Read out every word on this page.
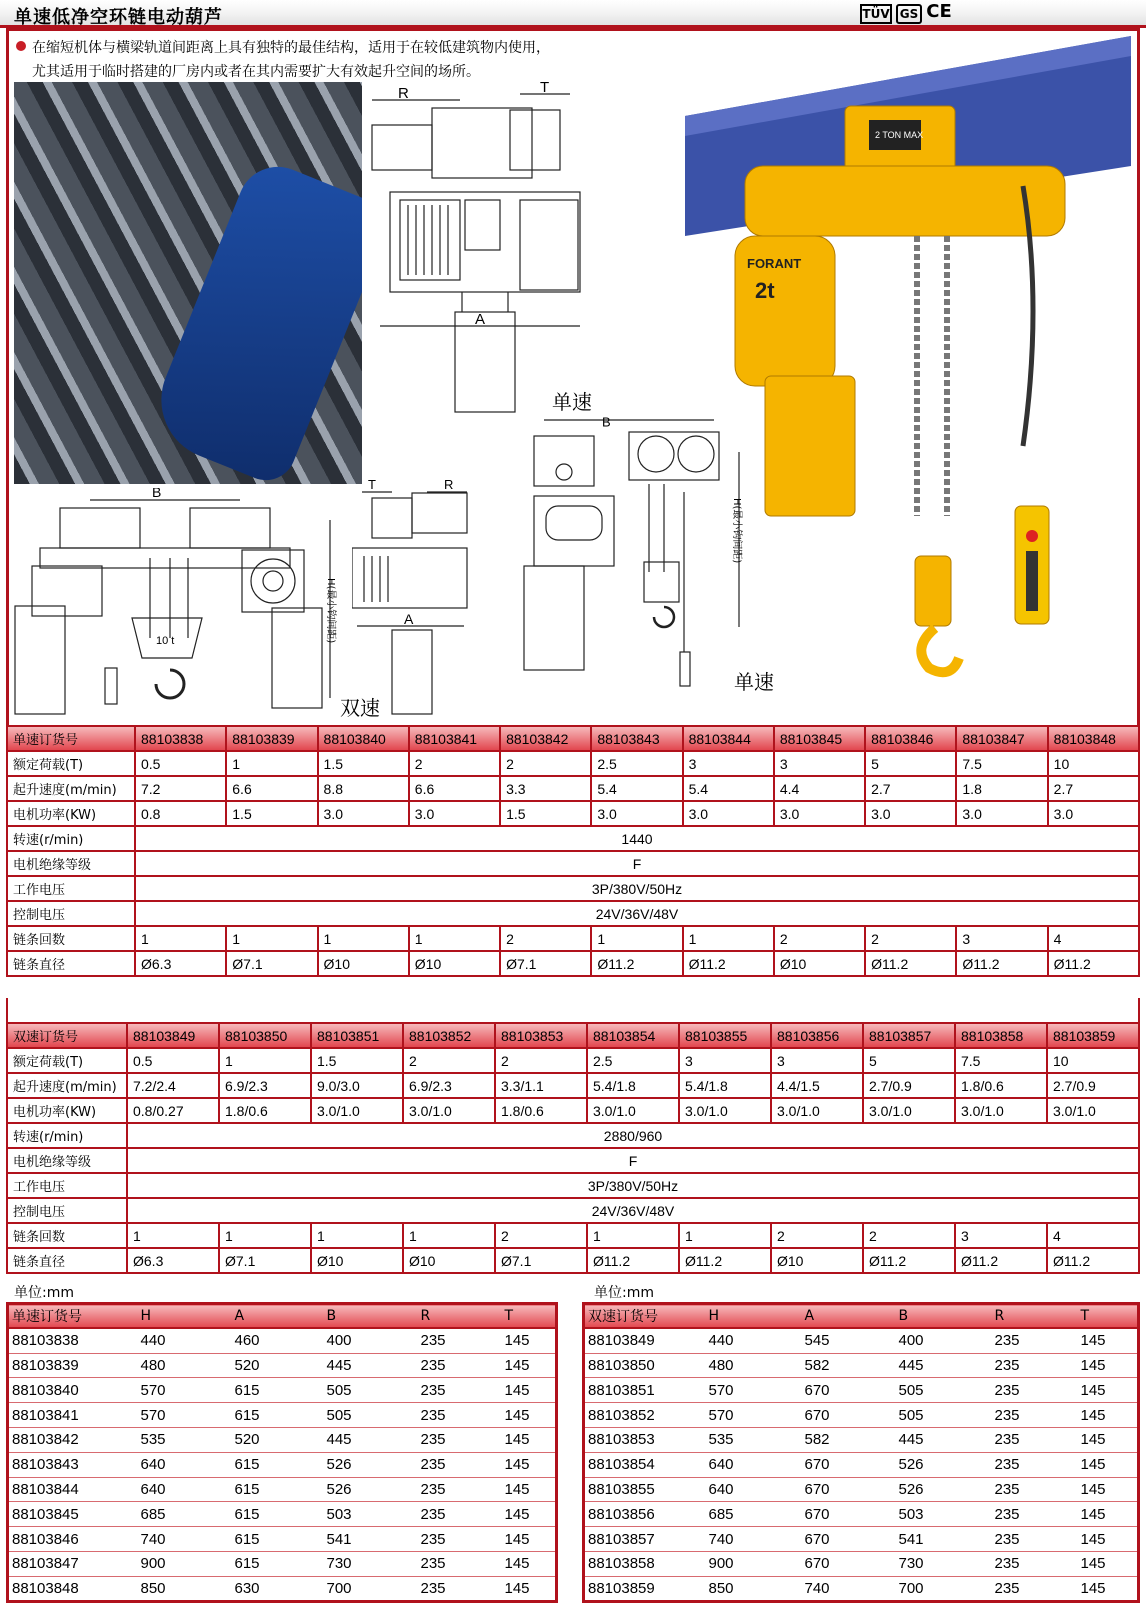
单速低净空环链电动葫芦	TÜV GS CE
在缩短机体与横梁轨道间距离上具有独特的最佳结构，适用于在较低建筑物内使用，
尤其适用于临时搭建的厂房内或者在其内需要扩大有效起升空间的场所。
R	T
A
单速
B
10 t	H(最小钩间距)
双速
T	R
A
B
H(最小钩间距)
单速
2 TON MAX
FORANT
2t
单速订货号	88103838	88103839	88103840	88103841	88103842	88103843	88103844	88103845	88103846	88103847	88103848
额定荷载(T)	0.5	1	1.5	2	2	2.5	3	3	5	7.5	10
起升速度(m/min)	7.2	6.6	8.8	6.6	3.3	5.4	5.4	4.4	2.7	1.8	2.7
电机功率(KW)	0.8	1.5	3.0	3.0	1.5	3.0	3.0	3.0	3.0	3.0	3.0
转速(r/min)	1440										
电机绝缘等级	F										
工作电压	3P/380V/50Hz										
控制电压	24V/36V/48V										
链条回数	1	1	1	1	2	1	1	2	2	3	4
链条直径	Ø6.3	Ø7.1	Ø10	Ø10	Ø7.1	Ø11.2	Ø11.2	Ø10	Ø11.2	Ø11.2	Ø11.2
双速订货号	88103849	88103850	88103851	88103852	88103853	88103854	88103855	88103856	88103857	88103858	88103859
额定荷载(T)	0.5	1	1.5	2	2	2.5	3	3	5	7.5	10
起升速度(m/min)	7.2/2.4	6.9/2.3	9.0/3.0	6.9/2.3	3.3/1.1	5.4/1.8	5.4/1.8	4.4/1.5	2.7/0.9	1.8/0.6	2.7/0.9
电机功率(KW)	0.8/0.27	1.8/0.6	3.0/1.0	3.0/1.0	1.8/0.6	3.0/1.0	3.0/1.0	3.0/1.0	3.0/1.0	3.0/1.0	3.0/1.0
转速(r/min)	2880/960										
电机绝缘等级	F										
工作电压	3P/380V/50Hz										
控制电压	24V/36V/48V										
链条回数	1	1	1	1	2	1	1	2	2	3	4
链条直径	Ø6.3	Ø7.1	Ø10	Ø10	Ø7.1	Ø11.2	Ø11.2	Ø10	Ø11.2	Ø11.2	Ø11.2
单位:mm	单位:mm
单速订货号	H	A	B	R	T
88103838	440	460	400	235	145
88103839	480	520	445	235	145
88103840	570	615	505	235	145
88103841	570	615	505	235	145
88103842	535	520	445	235	145
88103843	640	615	526	235	145
88103844	640	615	526	235	145
88103845	685	615	503	235	145
88103846	740	615	541	235	145
88103847	900	615	730	235	145
88103848	850	630	700	235	145
双速订货号	H	A	B	R	T
88103849	440	545	400	235	145
88103850	480	582	445	235	145
88103851	570	670	505	235	145
88103852	570	670	505	235	145
88103853	535	582	445	235	145
88103854	640	670	526	235	145
88103855	640	670	526	235	145
88103856	685	670	503	235	145
88103857	740	670	541	235	145
88103858	900	670	730	235	145
88103859	850	740	700	235	145
